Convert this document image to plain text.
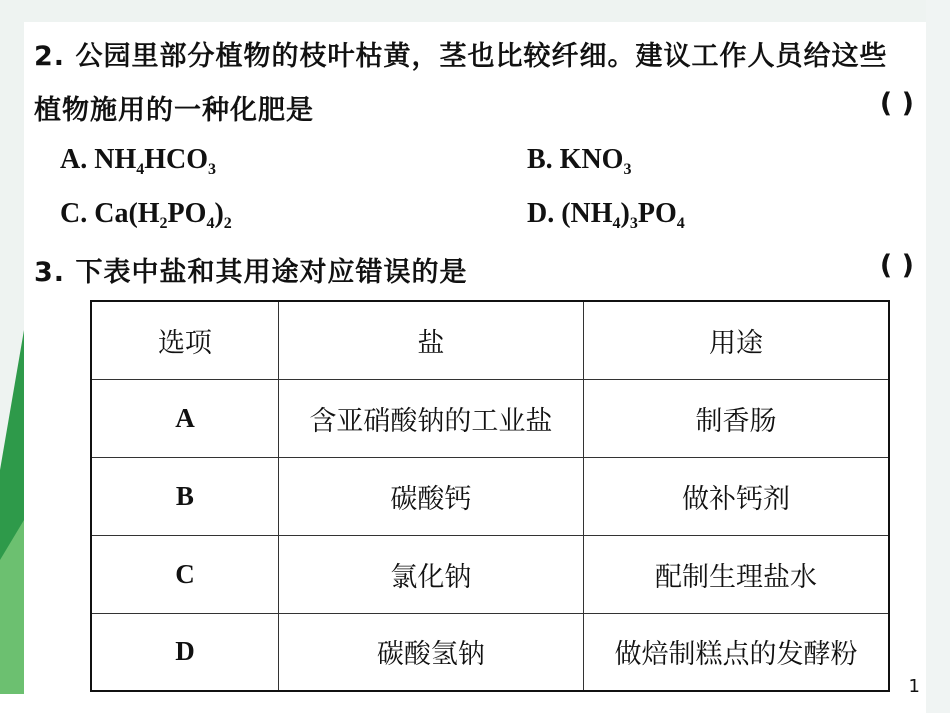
2. 公园里部分植物的枝叶枯黄，茎也比较纤细。建议工作人员给这些
植物施用的一种化肥是	( )
A. $NH_4HCO_3$	B. $KNO_3$
C. $Ca(H_2PO_4)_2$	D. $(NH_4)_3PO_4$
3. 下表中盐和其用途对应错误的是	( )
选项	盐	用途
A	含亚硝酸钠的工业盐	制香肠
B	碳酸钙	做补钙剂
C	氯化钠	配制生理盐水
D	碳酸氢钠	做焙制糕点的发酵粉
1
